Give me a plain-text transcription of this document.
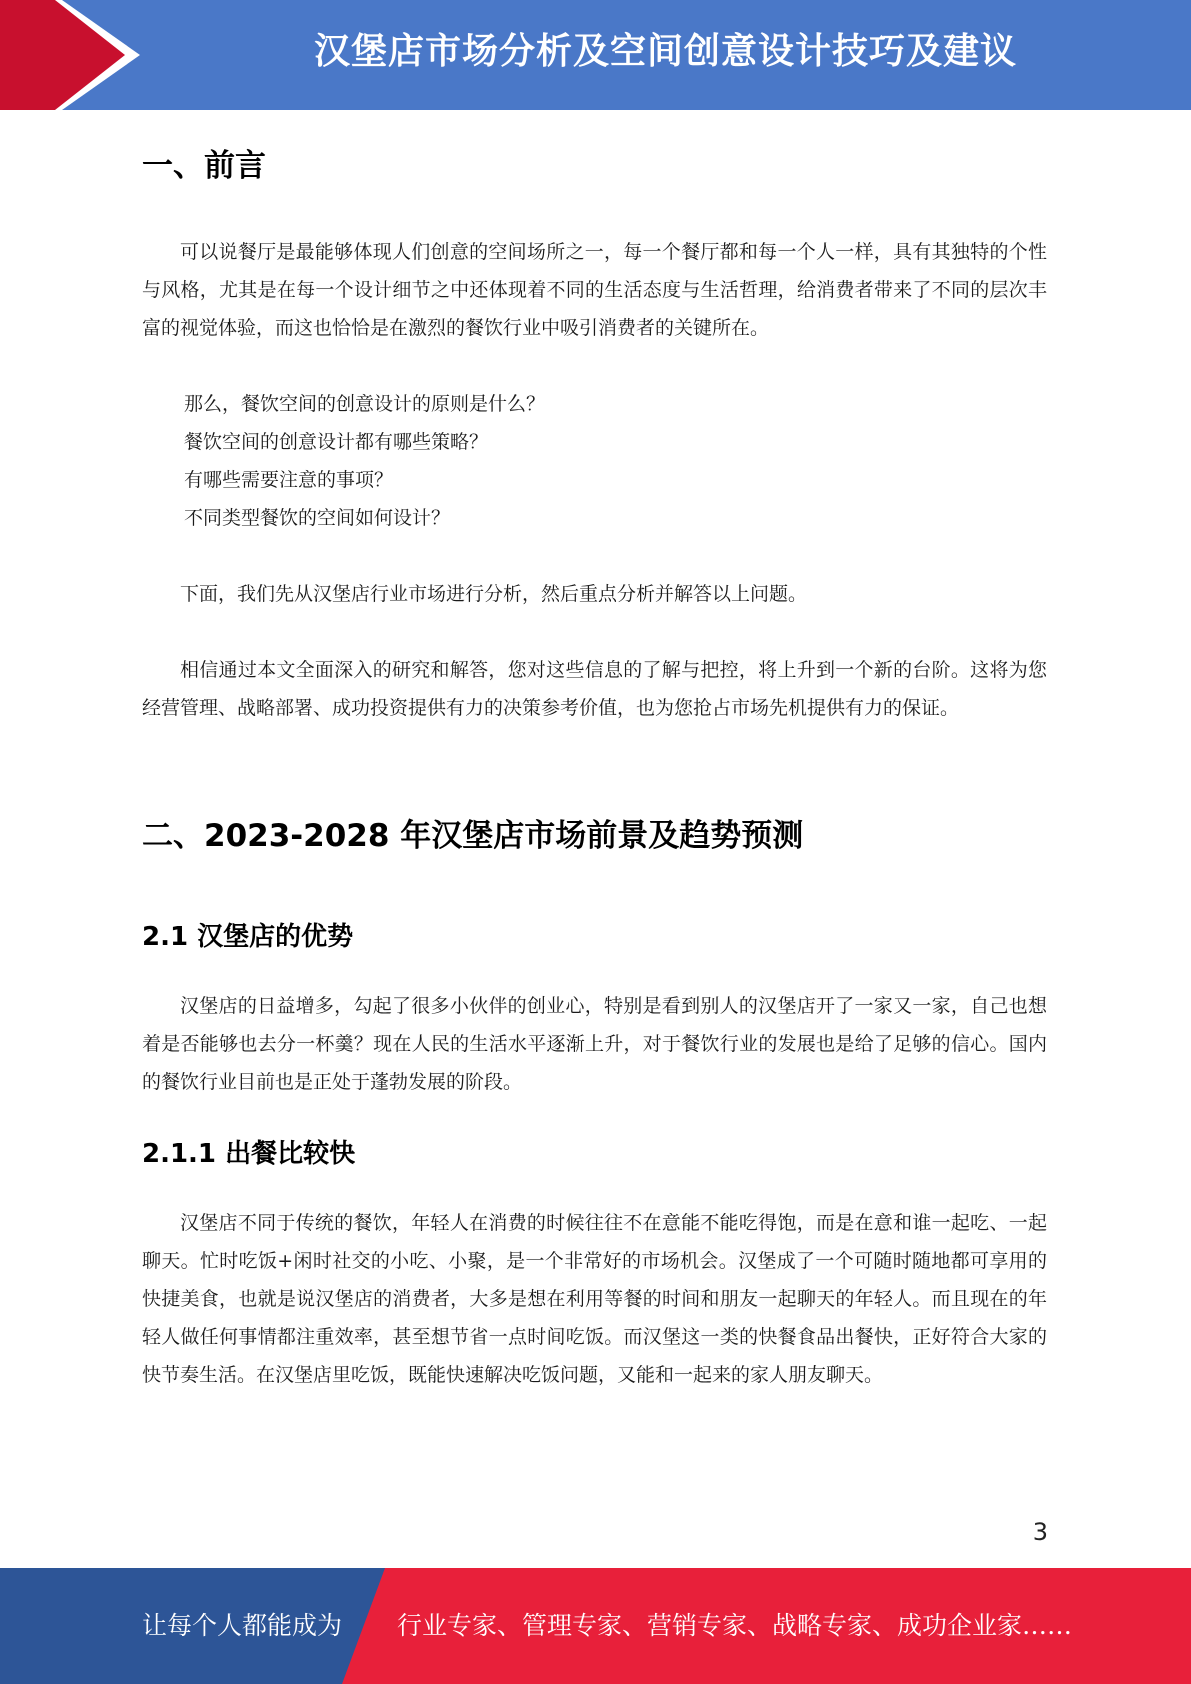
汉堡店市场分析及空间创意设计技巧及建议
一、前言

可以说餐厅是最能够体现人们创意的空间场所之一，每一个餐厅都和每一个人一样，具有其独特的个性与风格，尤其是在每一个设计细节之中还体现着不同的生活态度与生活哲理，给消费者带来了不同的层次丰富的视觉体验，而这也恰恰是在激烈的餐饮行业中吸引消费者的关键所在。

那么，餐饮空间的创意设计的原则是什么？
餐饮空间的创意设计都有哪些策略？
有哪些需要注意的事项？
不同类型餐饮的空间如何设计？

下面，我们先从汉堡店行业市场进行分析，然后重点分析并解答以上问题。

相信通过本文全面深入的研究和解答，您对这些信息的了解与把控，将上升到一个新的台阶。这将为您经营管理、战略部署、成功投资提供有力的决策参考价值，也为您抢占市场先机提供有力的保证。

二、2023-2028 年汉堡店市场前景及趋势预测
2.1 汉堡店的优势

汉堡店的日益增多，勾起了很多小伙伴的创业心，特别是看到别人的汉堡店开了一家又一家，自己也想着是否能够也去分一杯羹？现在人民的生活水平逐渐上升，对于餐饮行业的发展也是给了足够的信心。国内的餐饮行业目前也是正处于蓬勃发展的阶段。

2.1.1 出餐比较快

汉堡店不同于传统的餐饮，年轻人在消费的时候往往不在意能不能吃得饱，而是在意和谁一起吃、一起聊天。忙时吃饭+闲时社交的小吃、小聚，是一个非常好的市场机会。汉堡成了一个可随时随地都可享用的快捷美食，也就是说汉堡店的消费者，大多是想在利用等餐的时间和朋友一起聊天的年轻人。而且现在的年轻人做任何事情都注重效率，甚至想节省一点时间吃饭。而汉堡这一类的快餐食品出餐快，正好符合大家的快节奏生活。在汉堡店里吃饭，既能快速解决吃饭问题，又能和一起来的家人朋友聊天。

3
让每个人都能成为 行业专家、管理专家、营销专家、战略专家、成功企业家……
